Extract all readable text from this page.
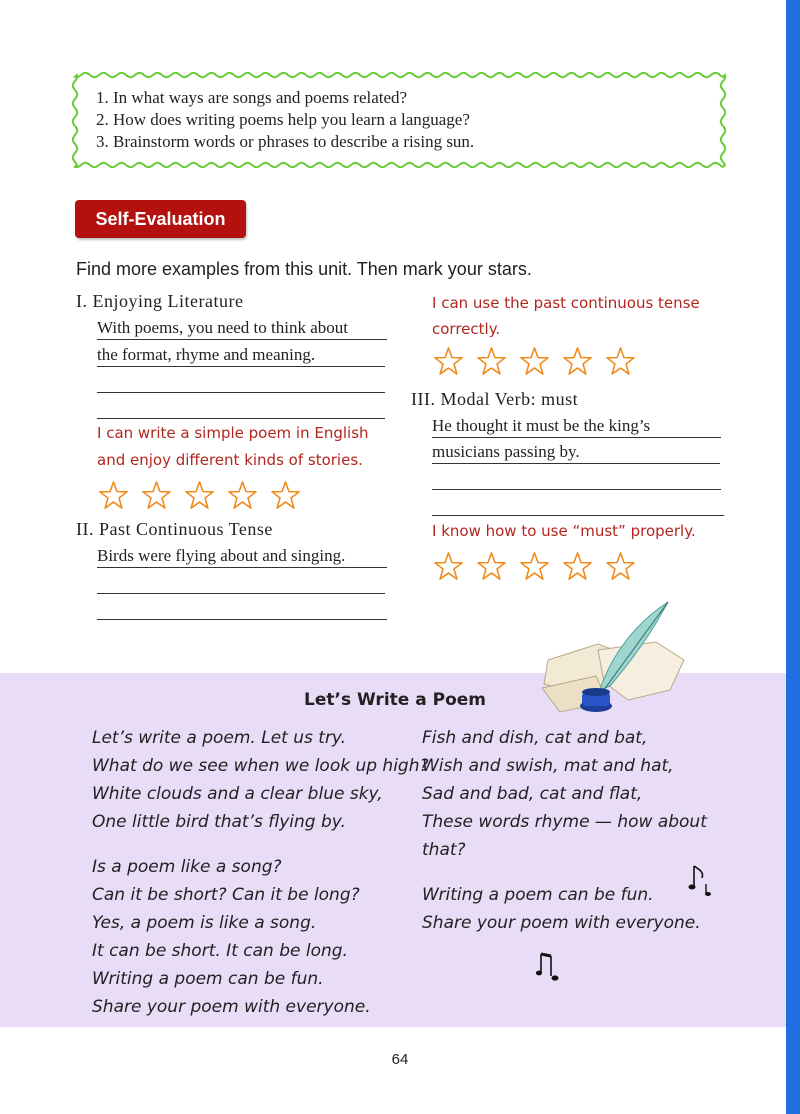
1. In what ways are songs and poems related?
2. How does writing poems help you learn a language?
3. Brainstorm words or phrases to describe a rising sun.
Self-Evaluation
Find more examples from this unit. Then mark your stars.
I. Enjoying Literature
With poems, you need to think about
the format, rhyme and meaning.
I can write a simple poem in English
and enjoy different kinds of stories.
II. Past Continuous Tense
Birds were flying about and singing.
I can use the past continuous tense
correctly.
III. Modal Verb: must
He thought it must be the king’s
musicians passing by.
I know how to use “must” properly.
Let’s Write a Poem
Let’s write a poem. Let us try.
What do we see when we look up high?
White clouds and a clear blue sky,
One little bird that’s flying by.
Is a poem like a song?
Can it be short? Can it be long?
Yes, a poem is like a song.
It can be short. It can be long.
Writing a poem can be fun.
Share your poem with everyone.
Fish and dish, cat and bat,
Wish and swish, mat and hat,
Sad and bad, cat and flat,
These words rhyme — how about
that?
Writing a poem can be fun.
Share your poem with everyone.
64
